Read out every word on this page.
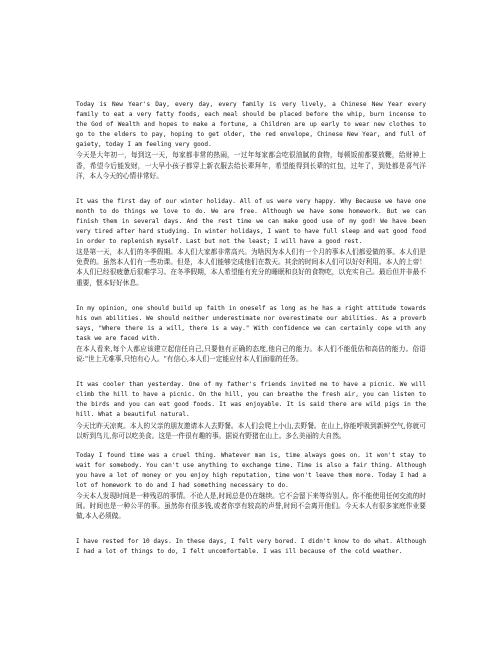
Today is New Year's Day, every day, every family is very lively, a Chinese New Year every family to eat a very fatty foods, each meal should be placed before the whip, burn incense to the God of Wealth and hopes to make a fortune, a Children are up early to wear new clothes to go to the elders to pay, hoping to get older, the red envelope, Chinese New Year, and full of gaiety, today I am feeling very good.

今天是大年初一，每到这一天，每家都非常的热闹，一过年每家都会吃很油腻的食物，每顿饭前都要放鞭，给财神上香，希望今后能发财，一大早小孩子都穿上新衣服去给长辈拜年，希望能得到长辈的红包，过年了，到处都是喜气洋洋，本人今天的心情非常好。

It was the first day of our winter holiday. All of us were very happy. Why Because we have one month to do things we love to do. We are free. Although we have some homework. But we can finish them in several days. And the rest time we can make good use of my god! We have been very tired after hard studying. In winter holidays, I want to have full sleep and eat good food in order to replenish myself. Last but not the least; I will have a good rest.

这是第一天，本人们的冬季假期。本人们大家都非常高兴。为啥因为本人们有一个月的事本人们都爱做的事。本人们是免费的。虽然本人们有一些功课。但是，本人们能够完成他们在数天。其余的时间本人们可以好好利用。本人的上帝！本人们已经很疲惫后很难学习。在冬季假期，本人希望能有充分的睡眠和良好的食物吃，以充实自己。最后但并非最不重要，惬本好好休息。

In my opinion, one should build up faith in oneself as long as he has a right attitude towards his own abilities. We should neither underestimate nor overestimate our abilities. As a proverb says, "Where there is a will, there is a way." With confidence we can certainly cope with any task we are faced with.

在本人看来,每个人都应该建立起信任自己,只要他有正确的态度,他自己的能力。本人们不能低估和高估的能力。俗语说:"世上无难事,只怕有心人。"有信心,本人们一定能应付本人们面临的任务。

It was cooler than yesterday. One of my father's friends invited me to have a picnic. We will climb the hill to have a picnic. On the hill, you can breathe the fresh air, you can listen to the birds and you can eat good foods. It was enjoyable. It is said there are wild pigs in the hill. What a beautiful natural.

今天比昨天凉爽。本人的父亲的朋友邀请本人去野餐。本人们会爬上小山,去野餐。在山上,你能呼吸到新鲜空气,你就可以听到鸟儿,你可以吃美食。这是一件很有趣的事。据说有野猪在山上。多么美丽的大自然。

Today I found time was a cruel thing. Whatever man is, time always goes on. it won't stay to wait for somebody. You can't use anything to exchange time. Time is also a fair thing. Although you have a lot of money or you enjoy high reputation, time won't leave them more. Today I had a lot of homework to do and I had something necessary to do.

今天本人发现时间是一种残忍的事情。不论人是,时间总是仍在继续。它不会留下来等待别人。你不能使用任何交流的时间。时间也是一种公平的事。虽然你有很多钱,或者你享有较高的声誉,时间不会离开他们。今天本人有很多家庭作业要做,本人必须做。

I have rested for 10 days. In these days, I felt very bored. I didn't know to do what. Although I had a lot of things to do, I felt uncomfortable. I was ill because of the cold weather.
